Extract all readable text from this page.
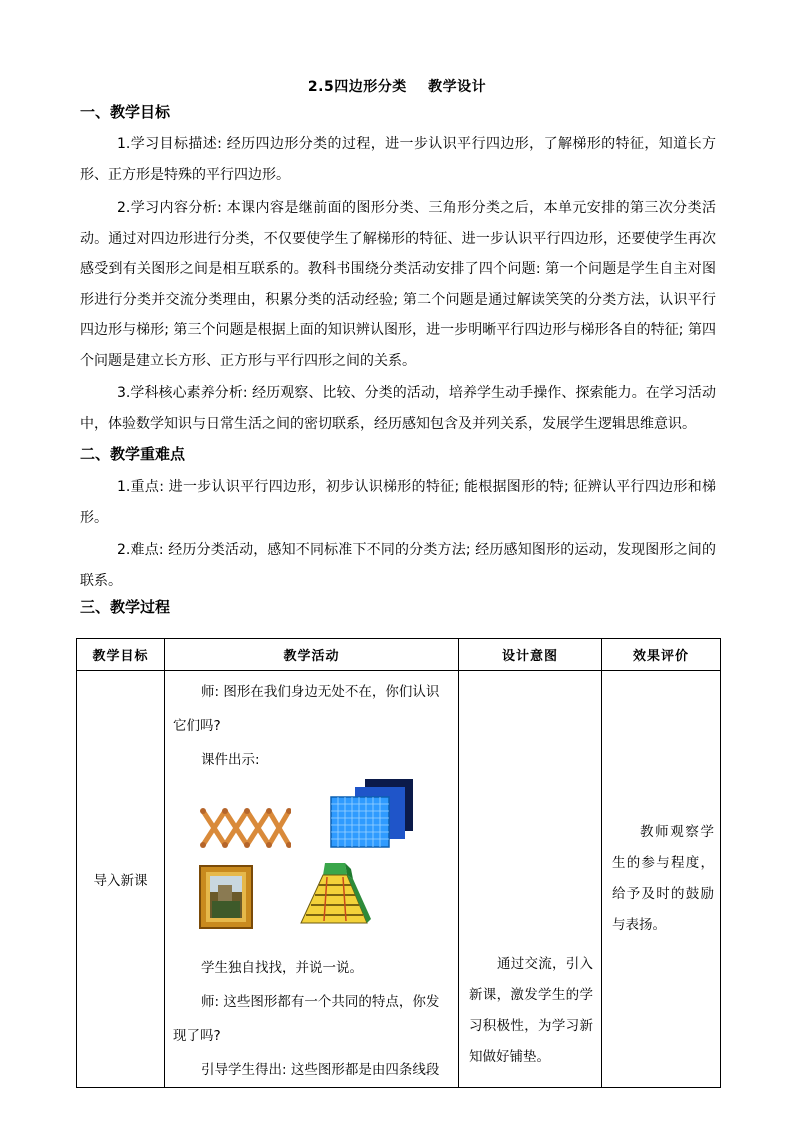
2.5四边形分类 教学设计
一、教学目标
1.学习目标描述: 经历四边形分类的过程，进一步认识平行四边形，了解梯形的特征，知道长方形、正方形是特殊的平行四边形。
2.学习内容分析: 本课内容是继前面的图形分类、三角形分类之后，本单元安排的第三次分类活动。通过对四边形进行分类，不仅要使学生了解梯形的特征、进一步认识平行四边形，还要使学生再次感受到有关图形之间是相互联系的。教科书围绕分类活动安排了四个问题: 第一个问题是学生自主对图形进行分类并交流分类理由，积累分类的活动经验; 第二个问题是通过解读笑笑的分类方法，认识平行四边形与梯形; 第三个问题是根据上面的知识辨认图形，进一步明晰平行四边形与梯形各自的特征; 第四个问题是建立长方形、正方形与平行四形之间的关系。
3.学科核心素养分析: 经历观察、比较、分类的活动，培养学生动手操作、探索能力。在学习活动中，体验数学知识与日常生活之间的密切联系，经历感知包含及并列关系，发展学生逻辑思维意识。
二、教学重难点
1.重点: 进一步认识平行四边形，初步认识梯形的特征; 能根据图形的特; 征辨认平行四边形和梯形。
2.难点: 经历分类活动，感知不同标准下不同的分类方法; 经历感知图形的运动，发现图形之间的联系。
三、教学过程
教学目标	教学活动	设计意图	效果评价
导入新课	师: 图形在我们身边无处不在，你们认识它们吗?
课件出示:
学生独自找找，并说一说。
师: 这些图形都有一个共同的特点，你发现了吗?
引导学生得出: 这些图形都是由四条线段	通过交流，引入新课，激发学生的学习积极性，为学习新知做好铺垫。	教师观察学生的参与程度，给予及时的鼓励与表扬。
